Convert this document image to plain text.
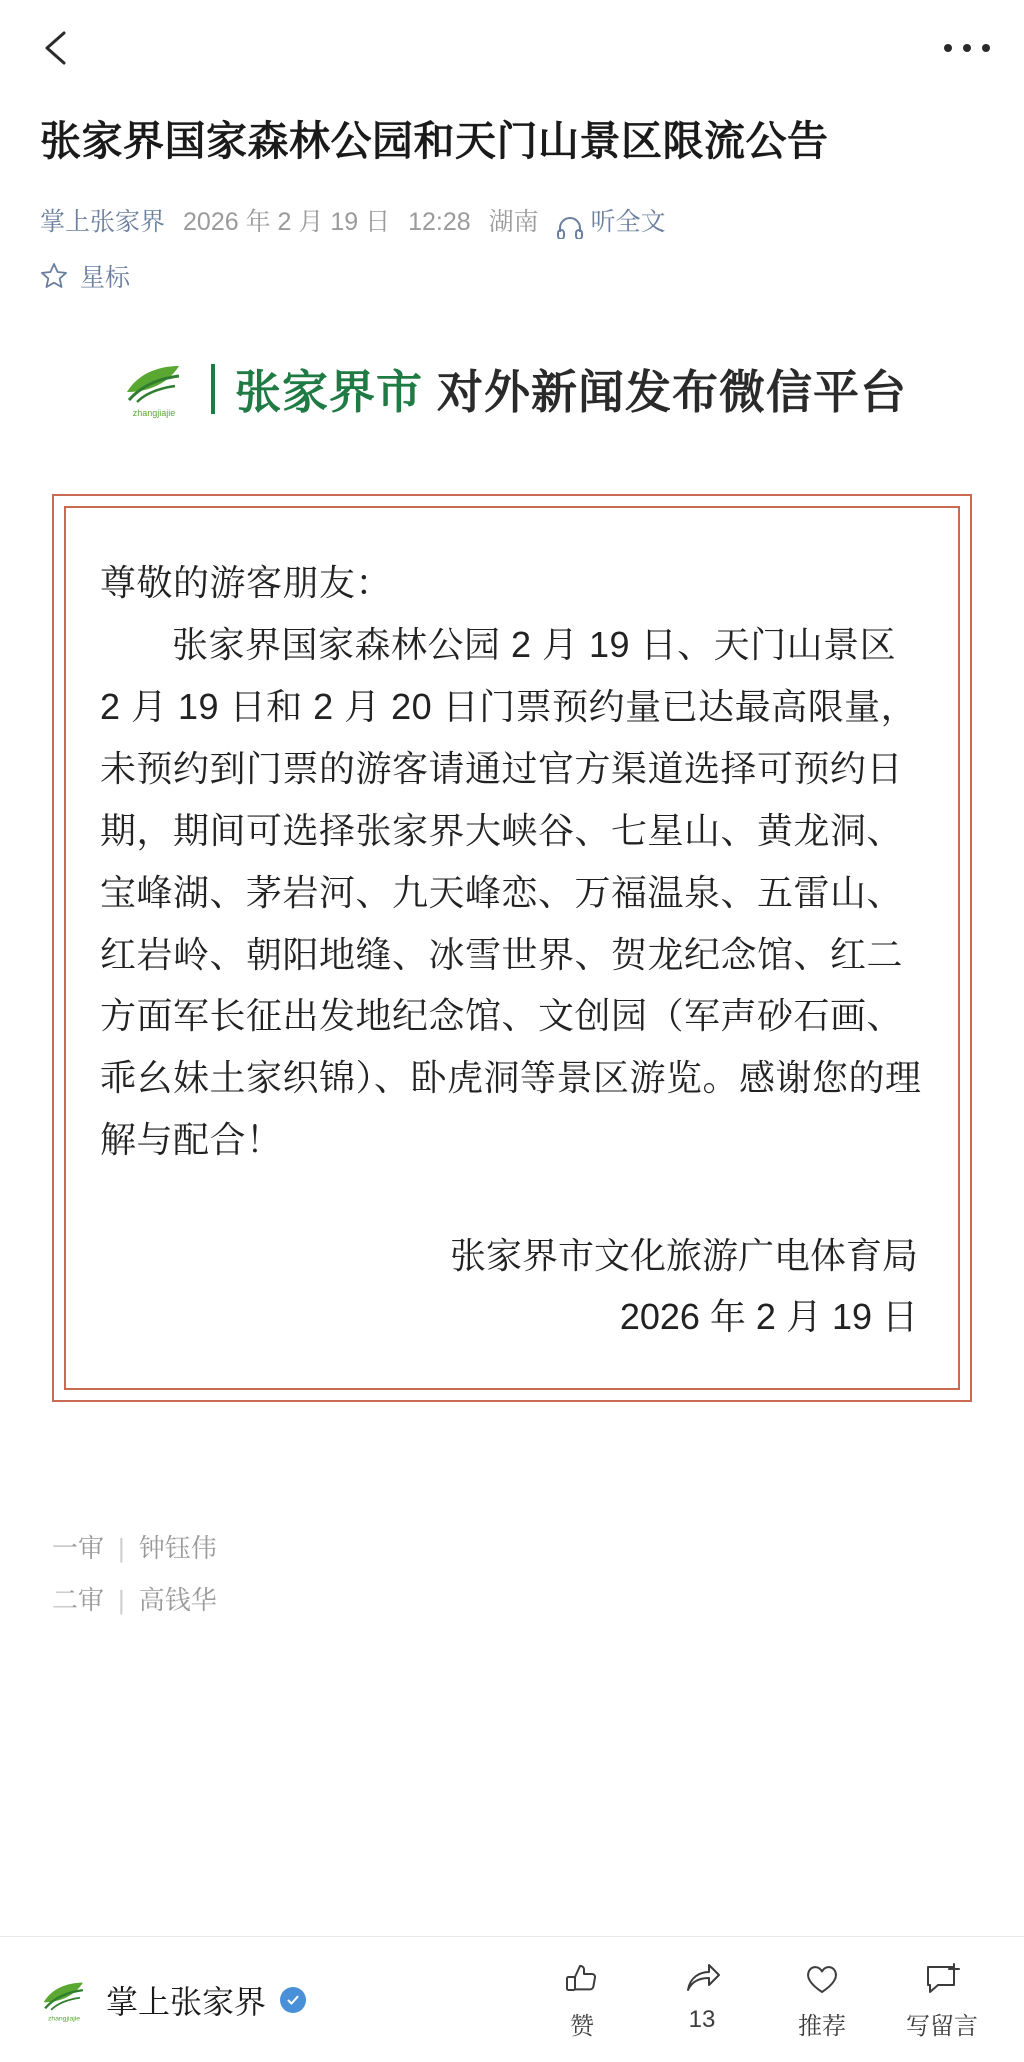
张家界国家森林公园和天门山景区限流公告
掌上张家界 2026 年 2 月 19 日 12:28 湖南 听全文
星标
zhangjiajie 张家界市 对外新闻发布微信平台

尊敬的游客朋友：

张家界国家森林公园 2 月 19 日、天门山景区 2 月 19 日和 2 月 20 日门票预约量已达最高限量，未预约到门票的游客请通过官方渠道选择可预约日期，期间可选择张家界大峡谷、七星山、黄龙洞、宝峰湖、茅岩河、九天峰恋、万福温泉、五雷山、红岩岭、朝阳地缝、冰雪世界、贺龙纪念馆、红二方面军长征出发地纪念馆、文创园（军声砂石画、乖幺妹土家织锦）、卧虎洞等景区游览。感谢您的理解与配合！

张家界市文化旅游广电体育局
2026 年 2 月 19 日
一审 | 钟钰伟
二审 | 高钱华
zhangjiajie 掌上张家界
赞	13	推荐	写留言
